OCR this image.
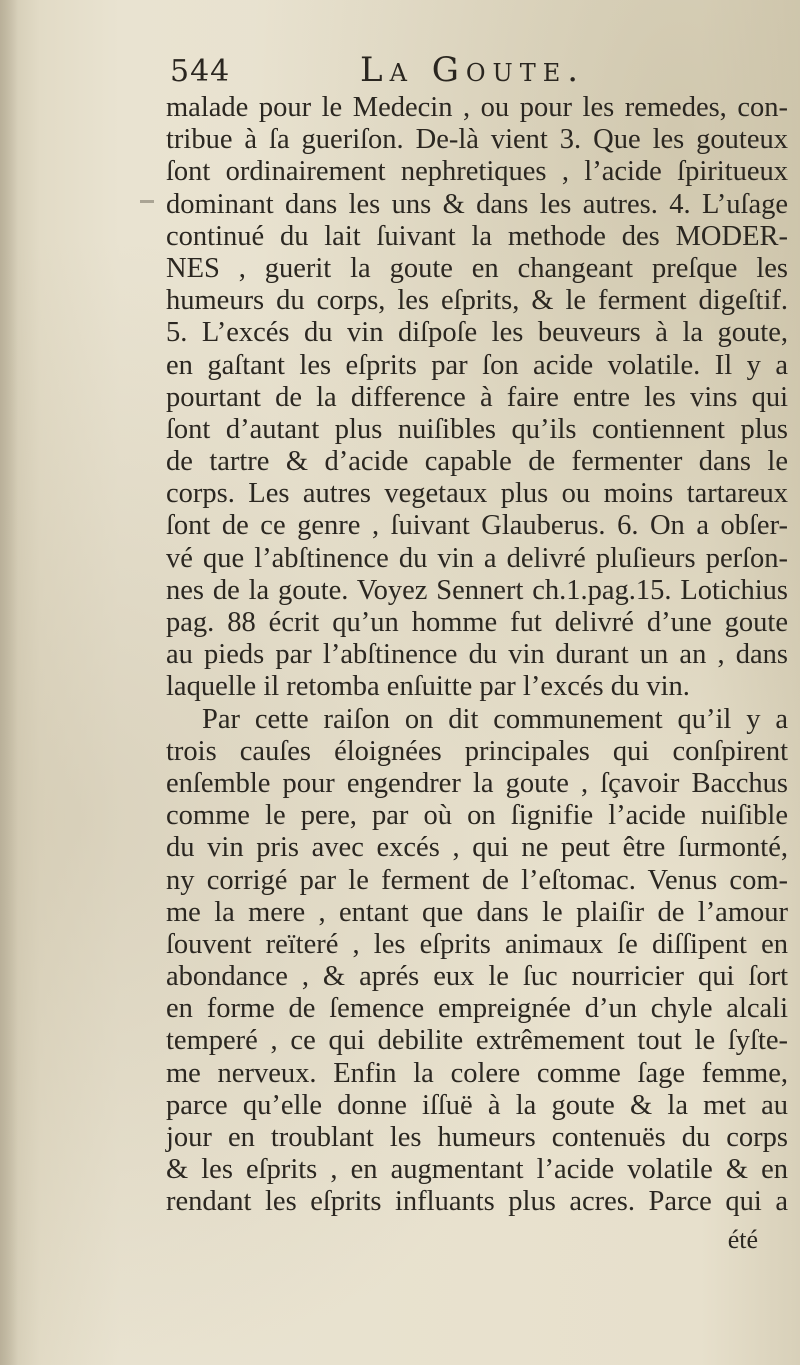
544	La Goute.
malade pour le Medecin , ou pour les remedes, con-
tribue à ſa gueriſon. De-là vient 3. Que les gouteux
ſont ordinairement nephretiques , l’acide ſpiritueux
dominant dans les uns & dans les autres. 4. L’uſage
continué du lait ſuivant la methode des MODER-
NES , guerit la goute en changeant preſque les
humeurs du corps, les eſprits, & le ferment digeſtif.
5. L’excés du vin diſpoſe les beuveurs à la goute,
en gaſtant les eſprits par ſon acide volatile. Il y a
pourtant de la difference à faire entre les vins qui
ſont d’autant plus nuiſibles qu’ils contiennent plus
de tartre & d’acide capable de fermenter dans le
corps. Les autres vegetaux plus ou moins tartareux
ſont de ce genre , ſuivant Glauberus. 6. On a obſer-
vé que l’abſtinence du vin a delivré pluſieurs perſon-
nes de la goute. Voyez Sennert ch.1.pag.15. Lotichius
pag. 88 écrit qu’un homme fut delivré d’une goute
au pieds par l’abſtinence du vin durant un an , dans
laquelle il retomba enſuitte par l’excés du vin.
Par cette raiſon on dit communement qu’il y a
trois cauſes éloignées principales qui conſpirent
enſemble pour engendrer la goute , ſçavoir Bacchus
comme le pere, par où on ſignifie l’acide nuiſible
du vin pris avec excés , qui ne peut être ſurmonté,
ny corrigé par le ferment de l’eſtomac. Venus com-
me la mere , entant que dans le plaiſir de l’amour
ſouvent reïteré , les eſprits animaux ſe diſſipent en
abondance , & aprés eux le ſuc nourricier qui ſort
en forme de ſemence empreignée d’un chyle alcali
temperé , ce qui debilite extrêmement tout le ſyſte-
me nerveux. Enfin la colere comme ſage femme,
parce qu’elle donne iſſuë à la goute & la met au
jour en troublant les humeurs contenuës du corps
& les eſprits , en augmentant l’acide volatile & en
rendant les eſprits influants plus acres. Parce qui a
été
